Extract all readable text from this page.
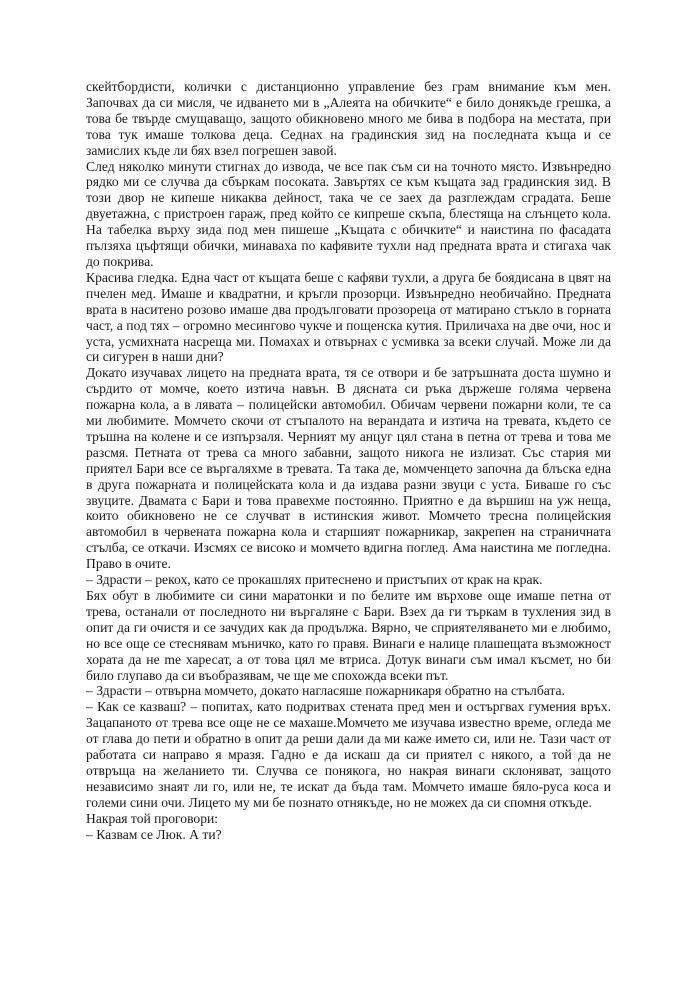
скейтбордисти, колички с дистанционно управление без грам внимание към мен. Започвах да си мисля, че идването ми в „Алеята на обичките“ е било донякъде грешка, а това бе твърде смущаващо, защото обикновено много ме бива в подбора на местата, при това тук имаше толкова деца. Седнах на градинския зид на последната къща и се замислих къде ли бях взел погрешен завой.

След няколко минути стигнах до извода, че все пак съм си на точното място. Извънредно рядко ми се случва да сбъркам посоката. Завъртях се към къщата зад градинския зид. В този двор не кипеше никаква дейност, така че се заех да разглеждам сградата. Беше двуетажна, с пристроен гараж, пред който се кипреше скъпа, блестяща на слънцето кола. На табелка върху зида под мен пишеше „Къщата с обичките“ и наистина по фасадата пълзяха цъфтящи обички, минаваха по кафявите тухли над предната врата и стигаха чак до покрива.

Красива гледка. Една част от къщата беше с кафяви тухли, а друга бе боядисана в цвят на пчелен мед. Имаше и квадратни, и кръгли прозорци. Извънредно необичайно. Предната врата в наситено розово имаше два продълговати прозореца от матирано стъкло в горната част, а под тях – огромно месингово чукче и пощенска кутия. Приличаха на две очи, нос и уста, усмихната насреща ми. Помахах и отвърнах с усмивка за всеки случай. Може ли да си сигурен в наши дни?

Докато изучавах лицето на предната врата, тя се отвори и бе затръшната доста шумно и сърдито от момче, което изтича навън. В дясната си ръка държеше голяма червена пожарна кола, а в лявата – полицейски автомобил. Обичам червени пожарни коли, те са ми любимите. Момчето скочи от стъпалото на верандата и изтича на тревата, където се тръшна на колене и се изпързаля. Черният му анцуг цял стана в петна от трева и това ме разсмя. Петната от трева са много забавни, защото никога не излизат. Със стария ми приятел Бари все се въргаляхме в тревата. Та така де, момченцето започна да блъска една в друга пожарната и полицейската кола и да издава разни звуци с уста. Биваше го със звуците. Двамата с Бари и това правехме постоянно. Приятно е да вършиш на уж неща, които обикновено не се случват в истинския живот. Момчето тресна полицейския автомобил в червената пожарна кола и старшият пожарникар, закрепен на страничната стълба, се откачи. Изсмях се високо и момчето вдигна поглед. Ама наистина ме погледна. Право в очите.

– Здрасти – рекох, като се прокашлях притеснено и пристъпих от крак на крак.

Бях обут в любимите си сини маратонки и по белите им върхове още имаше петна от трева, останали от последното ни въргаляне с Бари. Взех да ги търкам в тухления зид в опит да ги очистя и се зачудих как да продължа. Вярно, че сприятеляването ми е любимо, но все още се стеснявам мъничко, като го правя. Винаги е налице плашещата възможност хората да не me харесат, а от това цял ме втриса. Дотук винаги съм имал късмет, но би било глупаво да си въобразявам, че ще ме спохожда всеки път.

– Здрасти – отвърна момчето, докато нагласяше пожарникаря обратно на стълбата.

– Как се казваш? – попитах, като подритвах стената пред мен и остъргвах гумения връх. Зацапаното от трева все още не се махаше.Момчето ме изучава известно време, огледа ме от глава до пети и обратно в опит да реши дали да ми каже името си, или не. Тази част от работата си направо я мразя. Гадно е да искаш да си приятел с някого, а той да не отвръща на желанието ти. Случва се понякога, но накрая винаги склоняват, защото независимо знаят ли го, или не, те искат да бъда там. Момчето имаше бяло-руса коса и големи сини очи. Лицето му ми бе познато отнякъде, но не можех да си спомня откъде.

Накрая той проговори:

– Казвам се Люк. А ти?
